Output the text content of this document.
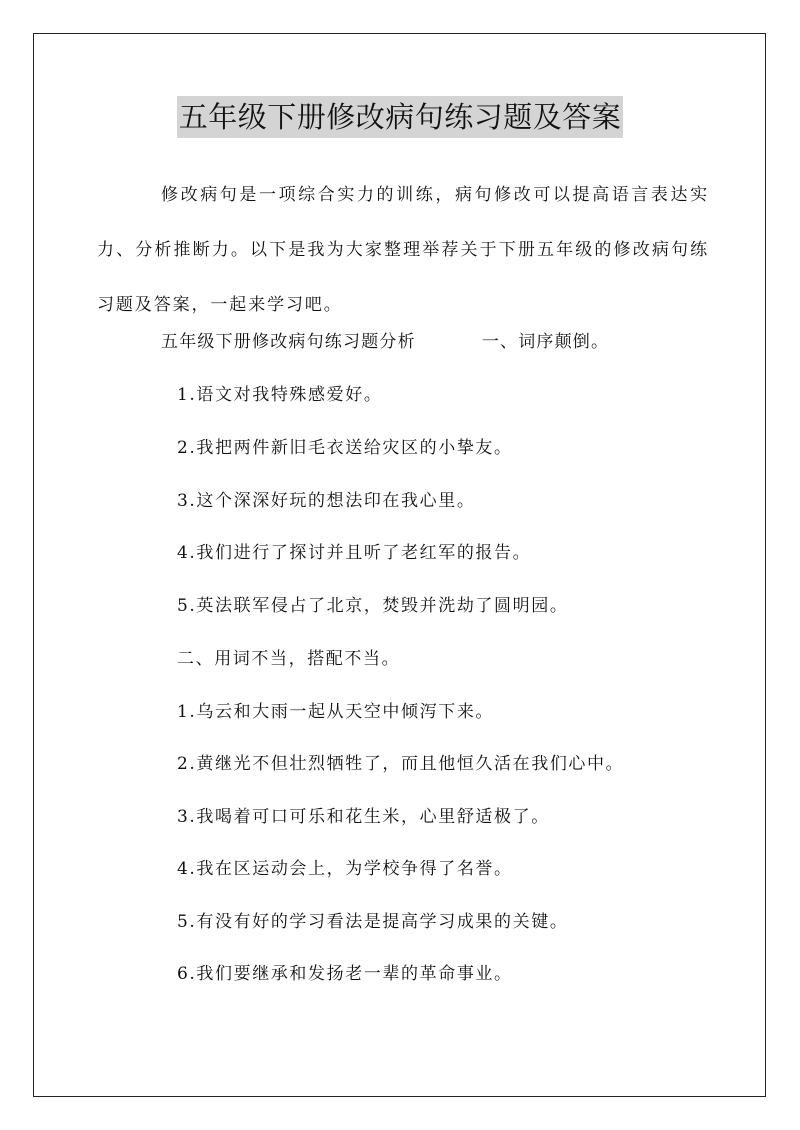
五年级下册修改病句练习题及答案
修改病句是一项综合实力的训练，病句修改可以提高语言表达实力、分析推断力。以下是我为大家整理举荐关于下册五年级的修改病句练习题及答案，一起来学习吧。
五年级下册修改病句练习题分析	一、词序颠倒。
1.语文对我特殊感爱好。
2.我把两件新旧毛衣送给灾区的小挚友。
3.这个深深好玩的想法印在我心里。
4.我们进行了探讨并且听了老红军的报告。
5.英法联军侵占了北京，焚毁并洗劫了圆明园。
二、用词不当，搭配不当。
1.乌云和大雨一起从天空中倾泻下来。
2.黄继光不但壮烈牺牲了，而且他恒久活在我们心中。
3.我喝着可口可乐和花生米，心里舒适极了。
4.我在区运动会上，为学校争得了名誉。
5.有没有好的学习看法是提高学习成果的关键。
6.我们要继承和发扬老一辈的革命事业。
